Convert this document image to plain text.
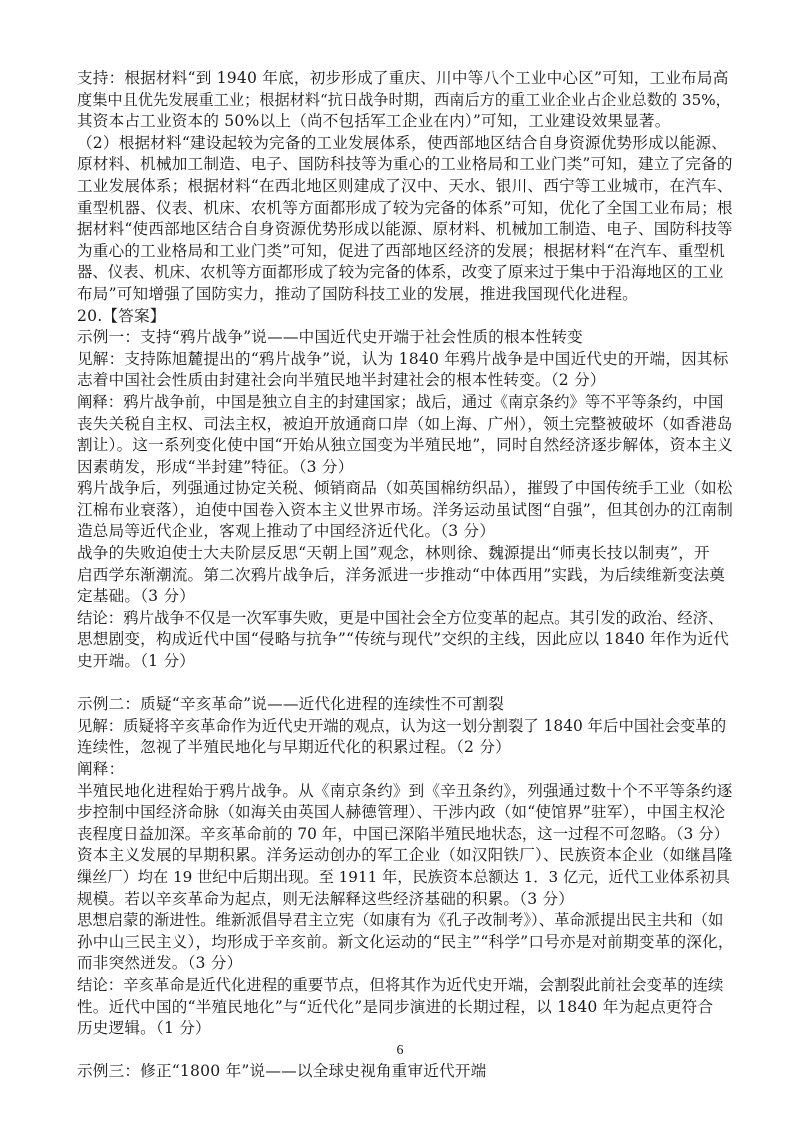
支持：根据材料“到 1940 年底，初步形成了重庆、川中等八个工业中心区”可知，工业布局高
度集中且优先发展重工业；根据材料“抗日战争时期，西南后方的重工业企业占企业总数的 35%，
其资本占工业资本的 50%以上（尚不包括军工企业在内）”可知，工业建设效果显著。
（2）根据材料“建设起较为完备的工业发展体系，使西部地区结合自身资源优势形成以能源、
原材料、机械加工制造、电子、国防科技等为重心的工业格局和工业门类”可知，建立了完备的
工业发展体系；根据材料“在西北地区则建成了汉中、天水、银川、西宁等工业城市，在汽车、
重型机器、仪表、机床、农机等方面都形成了较为完备的体系”可知，优化了全国工业布局；根
据材料“使西部地区结合自身资源优势形成以能源、原材料、机械加工制造、电子、国防科技等
为重心的工业格局和工业门类”可知，促进了西部地区经济的发展；根据材料“在汽车、重型机
器、仪表、机床、农机等方面都形成了较为完备的体系，改变了原来过于集中于沿海地区的工业
布局”可知增强了国防实力，推动了国防科技工业的发展，推进我国现代化进程。
20.【答案】
示例一：支持“鸦片战争”说——中国近代史开端于社会性质的根本性转变
见解：支持陈旭麓提出的“鸦片战争”说，认为 1840 年鸦片战争是中国近代史的开端，因其标
志着中国社会性质由封建社会向半殖民地半封建社会的根本性转变。（2 分）
阐释：鸦片战争前，中国是独立自主的封建国家；战后，通过《南京条约》等不平等条约，中国
丧失关税自主权、司法主权，被迫开放通商口岸（如上海、广州），领土完整被破坏（如香港岛
割让）。这一系列变化使中国“开始从独立国变为半殖民地”，同时自然经济逐步解体，资本主义
因素萌发，形成“半封建”特征。（3 分）
鸦片战争后，列强通过协定关税、倾销商品（如英国棉纺织品），摧毁了中国传统手工业（如松
江棉布业衰落），迫使中国卷入资本主义世界市场。洋务运动虽试图“自强”，但其创办的江南制
造总局等近代企业，客观上推动了中国经济近代化。（3 分）
战争的失败迫使士大夫阶层反思“天朝上国”观念，林则徐、魏源提出“师夷长技以制夷”，开
启西学东渐潮流。第二次鸦片战争后，洋务派进一步推动“中体西用”实践，为后续维新变法奠
定基础。（3 分）
结论：鸦片战争不仅是一次军事失败，更是中国社会全方位变革的起点。其引发的政治、经济、
思想剧变，构成近代中国“侵略与抗争”“传统与现代”交织的主线，因此应以 1840 年作为近代
史开端。（1 分）
示例二：质疑“辛亥革命”说——近代化进程的连续性不可割裂
见解：质疑将辛亥革命作为近代史开端的观点，认为这一划分割裂了 1840 年后中国社会变革的
连续性，忽视了半殖民地化与早期近代化的积累过程。（2 分）
阐释：
半殖民地化进程始于鸦片战争。从《南京条约》到《辛丑条约》，列强通过数十个不平等条约逐
步控制中国经济命脉（如海关由英国人赫德管理）、干涉内政（如“使馆界”驻军），中国主权沦
丧程度日益加深。辛亥革命前的 70 年，中国已深陷半殖民地状态，这一过程不可忽略。（3 分）
资本主义发展的早期积累。洋务运动创办的军工企业（如汉阳铁厂）、民族资本企业（如继昌隆
缫丝厂）均在 19 世纪中后期出现。至 1911 年，民族资本总额达 1．3 亿元，近代工业体系初具
规模。若以辛亥革命为起点，则无法解释这些经济基础的积累。（3 分）
思想启蒙的渐进性。维新派倡导君主立宪（如康有为《孔子改制考》）、革命派提出民主共和（如
孙中山三民主义），均形成于辛亥前。新文化运动的“民主”“科学”口号亦是对前期变革的深化，
而非突然迸发。（3 分）
结论：辛亥革命是近代化进程的重要节点，但将其作为近代史开端，会割裂此前社会变革的连续
性。近代中国的“半殖民地化”与“近代化”是同步演进的长期过程，以 1840 年为起点更符合
历史逻辑。（1 分）
示例三：修正“1800 年”说——以全球史视角重审近代开端
6
